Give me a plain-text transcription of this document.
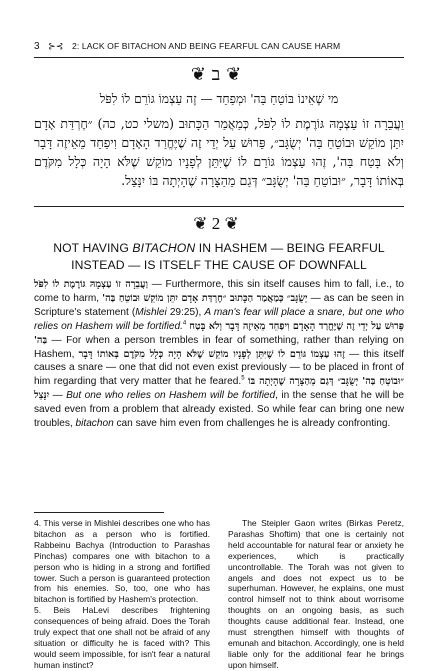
3 ⊱⊰ 2: LACK OF BITACHON AND BEING FEARFUL CAN CAUSE HARM
❦ ב ❦
מי שֶׁאֵינוֹ בּוֹטֵחַ בַּה' וּמְפַחֵד — זֶה עַצְמוֹ גּוֹרֵם לוֹ לִפֹּל
וַעֲבֵרָה זוֹ עַצְמָהּ גּוֹרֶמֶת לוֹ לִפֹּל, כְּמַאֲמַר הַכָּתוּב (משלי כט, כה) ״חֶרְדַּת אָדָם יִתֵּן מוֹקֵשׁ וּבוֹטֵחַ בַּה' יְשֻׂגָּב״, פֵּרוּשׁ עַל יְדֵי זֶה שֶׁיֶּחֱרַד הָאָדָם וִיפַחֵד מֵאֵיזֶה דָּבָר וְלֹא בָּטַח בַּה', זֶהוּ עַצְמוֹ גּוֹרֵם לוֹ שֶׁיִּתֵּן לְפָנָיו מוֹקֵשׁ שֶׁלֹּא הָיָה כְּלָל מִקֹּדֶם בְּאוֹתוֹ דָּבָר, ״וּבוֹטֵחַ בַּה' יְשֻׂגָּב״ דְּגַם מֵהַצָּרָה שֶׁהָיְתָה בּוֹ יִנָּצֵל.
❦ 2 ❦
NOT HAVING BITACHON IN HASHEM — BEING FEARFUL
INSTEAD — IS ITSELF THE CAUSE OF DOWNFALL
וַעֲבֵרָה זוֹ עַצְמָהּ גּוֹרֶמֶת לוֹ לִפֹּל — Furthermore, this sin itself causes him to fall, i.e., to come to harm, כְּמַאֲמַר הַכָּתוּב ״חֶרְדַּת אָדָם יִתֵּן מוֹקֵשׁ וּבוֹטֵחַ בַּה' יְשֻׂגָּב״ — as can be seen in Scripture's statement (Mishlei 29:25), A man's fear will place a snare, but one who relies on Hashem will be fortified.$^4$ פֵּרוּשׁ עַל יְדֵי זֶה שֶׁיֶּחֱרַד הָאָדָם וִיפַחֵד מֵאֵיזֶה דָּבָר וְלֹא בָּטַח בַּה' — For when a person trembles in fear of something, rather than relying on Hashem, זֶהוּ עַצְמוֹ גּוֹרֵם לוֹ שֶׁיִּתֵּן לְפָנָיו מוֹקֵשׁ שֶׁלֹּא הָיָה כְּלָל מִקֹּדֶם בְּאוֹתוֹ דָּבָר — this itself causes a snare — one that did not even exist previously — to be placed in front of him regarding that very matter that he feared.$^5$ ״וּבוֹטֵחַ בַּה' יְשֻׂגָּב״ דְּגַם מֵהַצָּרָה שֶׁהָיְתָה בּוֹ יִנָּצֵל — But one who relies on Hashem will be fortified, in the sense that he will be saved even from a problem that already existed. So while fear can bring one new troubles, bitachon can save him even from challenges he is already confronting.

4. This verse in Mishlei describes one who has bitachon as a person who is fortified. Rabbeinu Bachya (Introduction to Parashas Pinchas) compares one with bitachon to a person who is hiding in a strong and fortified tower. Such a person is guaranteed protection from his enemies. So, too, one who has bitachon is fortified by Hashem's protection.

5. Beis HaLevi describes frightening consequences of being afraid. Does the Torah truly expect that one shall not be afraid of any situation or difficulty he is faced with? This would seem impossible, for isn't fear a natural human instinct?

The Steipler Gaon writes (Birkas Peretz, Parashas Shoftim) that one is certainly not held accountable for natural fear or anxiety he experiences, which is practically uncontrollable. The Torah was not given to angels and does not expect us to be superhuman. However, he explains, one must control himself not to think about worrisome thoughts on an ongoing basis, as such thoughts cause additional fear. Instead, one must strengthen himself with thoughts of emunah and bitachon. Accordingly, one is held liable only for the additional fear he brings upon himself.
